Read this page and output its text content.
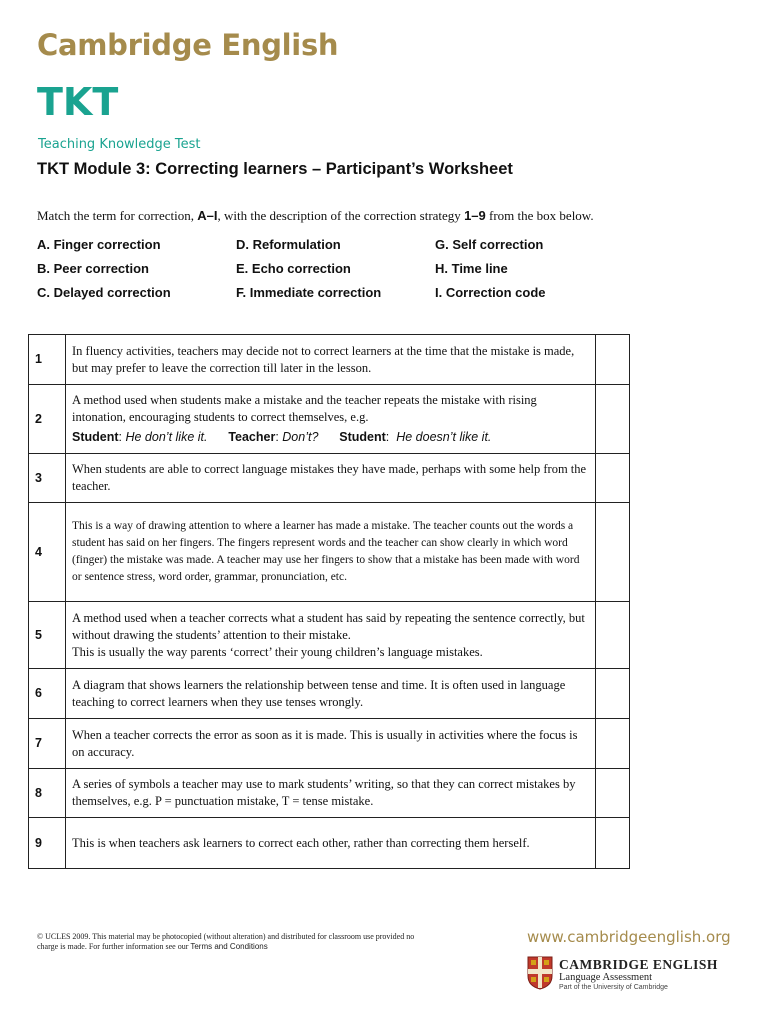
Cambridge English
TKT
Teaching Knowledge Test
TKT Module 3: Correcting learners – Participant’s Worksheet
Match the term for correction, A–I, with the description of the correction strategy 1–9 from the box below.
A. Finger correction	D. Reformulation	G. Self correction
B. Peer correction	E. Echo correction	H. Time line
C. Delayed correction	F. Immediate correction	I. Correction code
1	In fluency activities, teachers may decide not to correct learners at the time that the mistake is made, but may prefer to leave the correction till later in the lesson.	
2	A method used when students make a mistake and the teacher repeats the mistake with rising intonation, encouraging students to correct themselves, e.g.
Student: He don’t like it. Teacher: Don’t? Student:  He doesn’t like it.	

3	When students are able to correct language mistakes they have made, perhaps with some help from the teacher.	
4	This is a way of drawing attention to where a learner has made a mistake. The teacher counts out the words a student has said on her fingers. The fingers represent words and the teacher can show clearly in which word (finger) the mistake was made. A teacher may use her fingers to show that a mistake has been made with word or sentence stress, word order, grammar, pronunciation, etc.	
5	A method used when a teacher corrects what a student has said by repeating the sentence correctly, but without drawing the students’ attention to their mistake.
This is usually the way parents ‘correct’ their young children’s language mistakes.	

6	A diagram that shows learners the relationship between tense and time. It is often used in language teaching to correct learners when they use tenses wrongly.	
7	When a teacher corrects the error as soon as it is made. This is usually in activities where the focus is on accuracy.	
8	A series of symbols a teacher may use to mark students’ writing, so that they can correct mistakes by themselves, e.g. P = punctuation mistake, T = tense mistake.	
9	This is when teachers ask learners to correct each other, rather than correcting them herself.	
© UCLES 2009. This material may be photocopied (without alteration) and distributed for classroom use provided no charge is made. For further information see our Terms and Conditions
www.cambridgeenglish.org
CAMBRIDGE ENGLISH
Language Assessment
Part of the University of Cambridge
